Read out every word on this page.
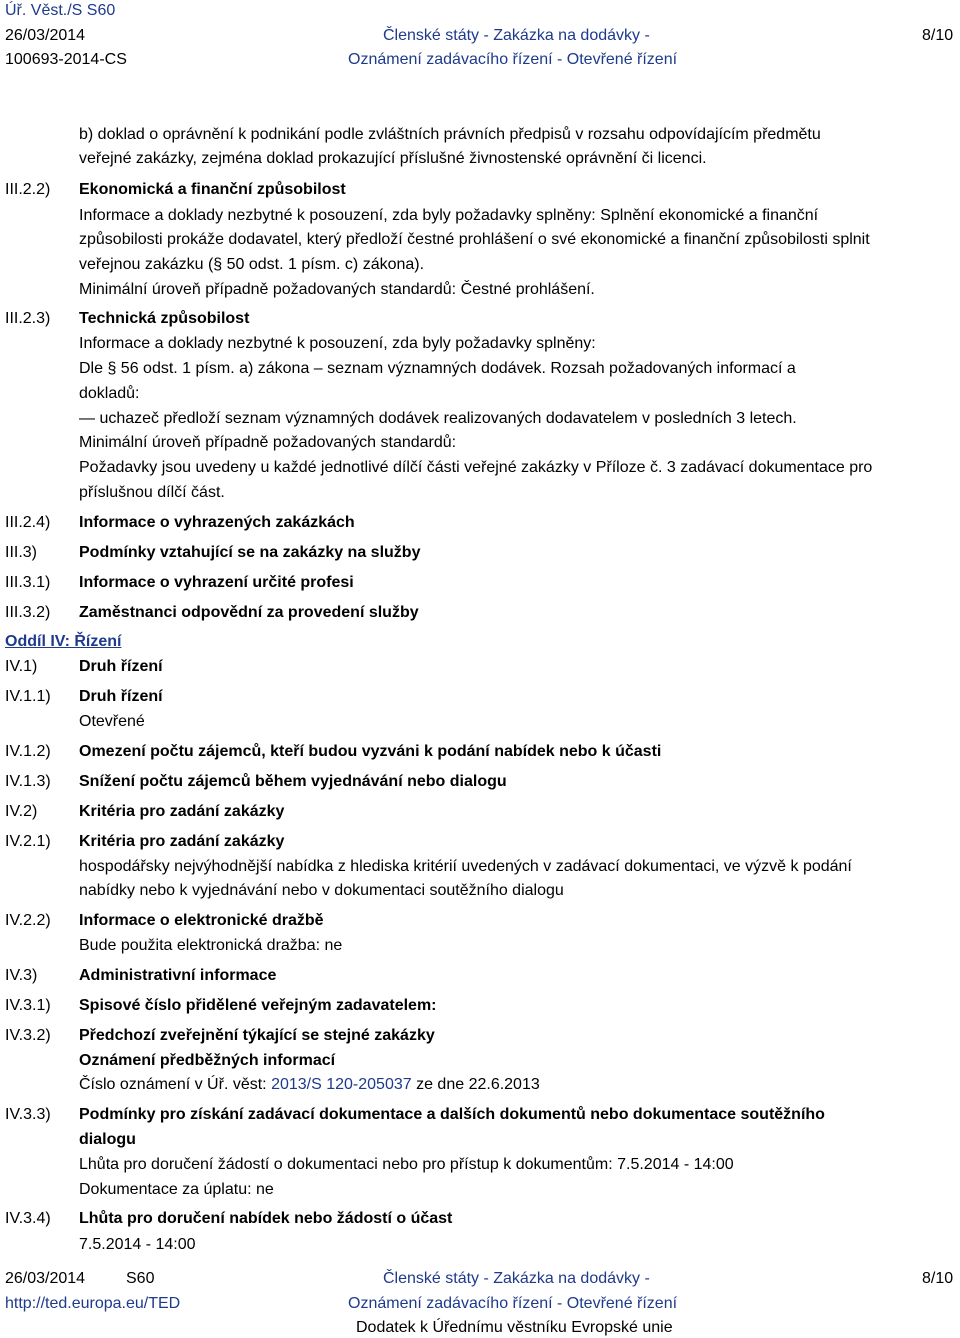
Úř. Věst./S S60
26/03/2014
100693-2014-CS
Členské státy - Zakázka na dodávky -
Oznámení zadávacího řízení - Otevřené řízení
8/10
b) doklad o oprávnění k podnikání podle zvláštních právních předpisů v rozsahu odpovídajícím předmětu
veřejné zakázky, zejména doklad prokazující příslušné živnostenské oprávnění či licenci.
III.2.2) Ekonomická a finanční způsobilost
Informace a doklady nezbytné k posouzení, zda byly požadavky splněny: Splnění ekonomické a finanční
způsobilosti prokáže dodavatel, který předloží čestné prohlášení o své ekonomické a finanční způsobilosti splnit
veřejnou zakázku (§ 50 odst. 1 písm. c) zákona).
Minimální úroveň případně požadovaných standardů: Čestné prohlášení.
III.2.3) Technická způsobilost
Informace a doklady nezbytné k posouzení, zda byly požadavky splněny:
Dle § 56 odst. 1 písm. a) zákona – seznam významných dodávek. Rozsah požadovaných informací a
dokladů:
— uchazeč předloží seznam významných dodávek realizovaných dodavatelem v posledních 3 letech.
Minimální úroveň případně požadovaných standardů:
Požadavky jsou uvedeny u každé jednotlivé dílčí části veřejné zakázky v Příloze č. 3 zadávací dokumentace pro
příslušnou dílčí část.
III.2.4) Informace o vyhrazených zakázkách
III.3)	Podmínky vztahující se na zakázky na služby
III.3.1) Informace o vyhrazení určité profesi
III.3.2) Zaměstnanci odpovědní za provedení služby
Oddíl IV: Řízení
IV.1)	Druh řízení
IV.1.1) Druh řízení
Otevřené
IV.1.2) Omezení počtu zájemců, kteří budou vyzváni k podání nabídek nebo k účasti
IV.1.3) Snížení počtu zájemců během vyjednávání nebo dialogu
IV.2)	Kritéria pro zadání zakázky
IV.2.1) Kritéria pro zadání zakázky
hospodářsky nejvýhodnější nabídka z hlediska kritérií uvedených v zadávací dokumentaci, ve výzvě k podání
nabídky nebo k vyjednávání nebo v dokumentaci soutěžního dialogu
IV.2.2) Informace o elektronické dražbě
Bude použita elektronická dražba: ne
IV.3)	Administrativní informace
IV.3.1) Spisové číslo přidělené veřejným zadavatelem:
IV.3.2) Předchozí zveřejnění týkající se stejné zakázky
Oznámení předběžných informací
Číslo oznámení v Úř. věst: 2013/S 120-205037 ze dne 22.6.2013
IV.3.3) Podmínky pro získání zadávací dokumentace a dalších dokumentů nebo dokumentace soutěžního
dialogu
Lhůta pro doručení žádostí o dokumentaci nebo pro přístup k dokumentům: 7.5.2014 - 14:00
Dokumentace za úplatu: ne
IV.3.4) Lhůta pro doručení nabídek nebo žádostí o účast
7.5.2014 - 14:00
26/03/2014	S60
http://ted.europa.eu/TED
Členské státy - Zakázka na dodávky -
Oznámení zadávacího řízení - Otevřené řízení
Dodatek k Úřednímu věstníku Evropské unie
8/10
